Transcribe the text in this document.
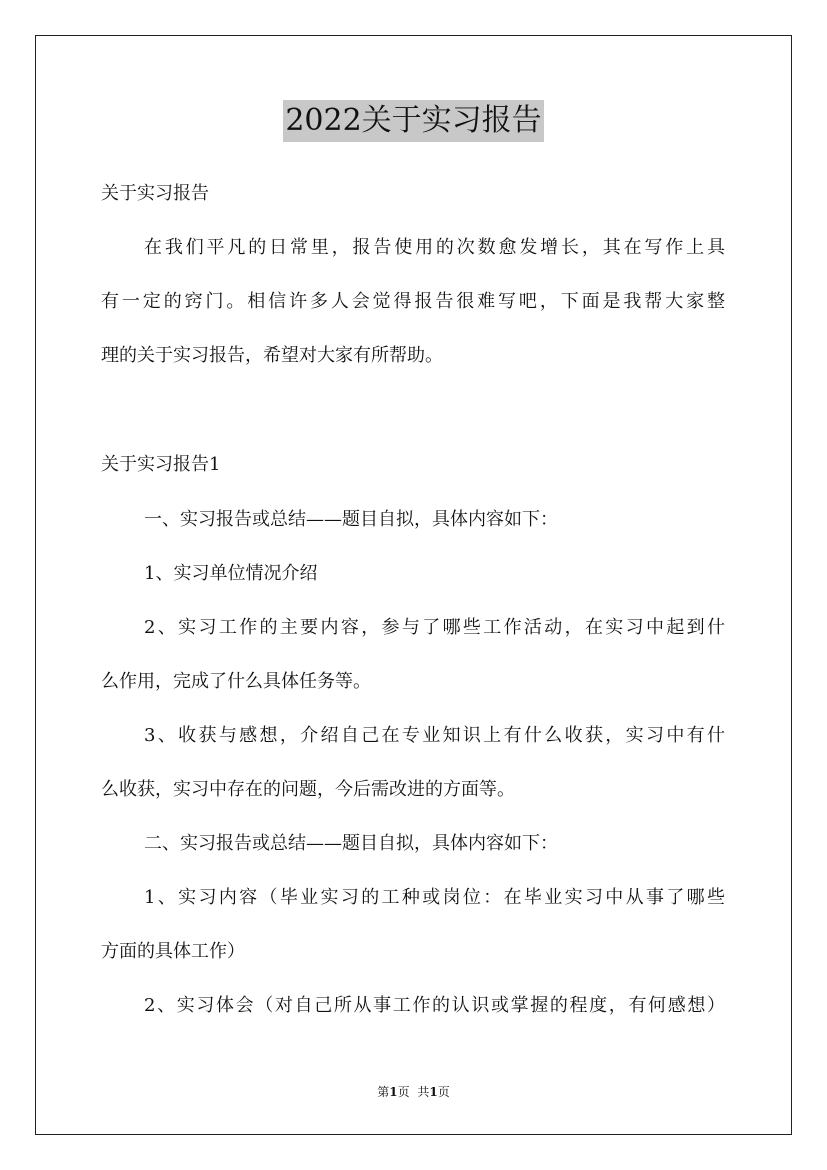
2022关于实习报告
关于实习报告
在我们平凡的日常里，报告使用的次数愈发增长，其在写作上具
有一定的窍门。相信许多人会觉得报告很难写吧，下面是我帮大家整
理的关于实习报告，希望对大家有所帮助。
关于实习报告1
一、实习报告或总结——题目自拟，具体内容如下：
1、实习单位情况介绍
2、实习工作的主要内容，参与了哪些工作活动，在实习中起到什
么作用，完成了什么具体任务等。
3、收获与感想，介绍自己在专业知识上有什么收获，实习中有什
么收获，实习中存在的问题，今后需改进的方面等。
二、实习报告或总结——题目自拟，具体内容如下：
1、实习内容（毕业实习的工种或岗位：在毕业实习中从事了哪些
方面的具体工作）
2、实习体会（对自己所从事工作的认识或掌握的程度，有何感想）
第1页 共1页
